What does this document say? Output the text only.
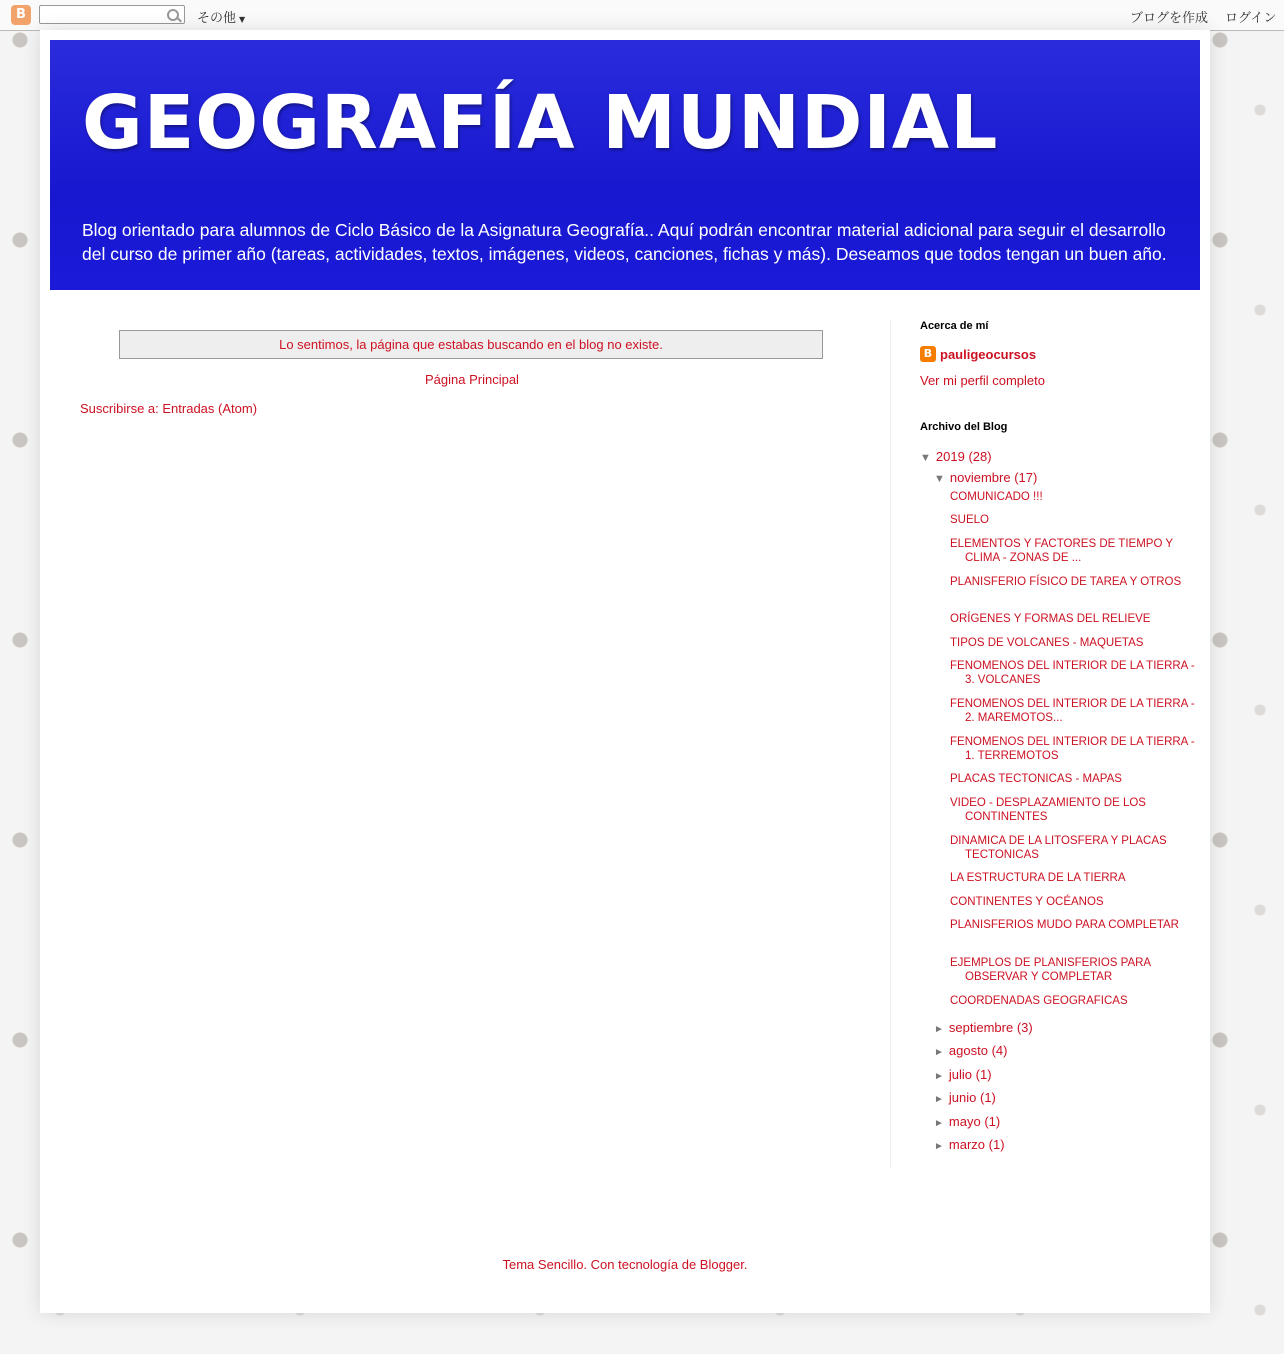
B	その他 ▼	ブログを作成 ログイン
GEOGRAFÍA MUNDIAL

Blog orientado para alumnos de Ciclo Básico de la Asignatura Geografía.. Aquí podrán encontrar material adicional para seguir el desarrollo del curso de primer año (tareas, actividades, textos, imágenes, videos, canciones, fichas y más). Deseamos que todos tengan un buen año.

Lo sentimos, la página que estabas buscando en el blog no existe.
Página Principal
Suscribirse a: Entradas (Atom)
Acerca de mí
B pauligeocursos
Ver mi perfil completo
Archivo del Blog
▼ 2019 (28)
▼ noviembre (17)
COMUNICADO !!!
SUELO
ELEMENTOS Y FACTORES DE TIEMPO Y CLIMA - ZONAS DE ...
PLANISFERIO FÍSICO DE TAREA Y OTROS
ORÍGENES Y FORMAS DEL RELIEVE
TIPOS DE VOLCANES - MAQUETAS
FENOMENOS DEL INTERIOR DE LA TIERRA - 3. VOLCANES
FENOMENOS DEL INTERIOR DE LA TIERRA - 2. MAREMOTOS...
FENOMENOS DEL INTERIOR DE LA TIERRA - 1. TERREMOTOS
PLACAS TECTONICAS - MAPAS
VIDEO - DESPLAZAMIENTO DE LOS CONTINENTES
DINAMICA DE LA LITOSFERA Y PLACAS TECTONICAS
LA ESTRUCTURA DE LA TIERRA
CONTINENTES Y OCÉANOS
PLANISFERIOS MUDO PARA COMPLETAR
EJEMPLOS DE PLANISFERIOS PARA OBSERVAR Y COMPLETAR
COORDENADAS GEOGRAFICAS
► septiembre (3)
► agosto (4)
► julio (1)
► junio (1)
► mayo (1)
► marzo (1)
Tema Sencillo. Con tecnología de Blogger.
